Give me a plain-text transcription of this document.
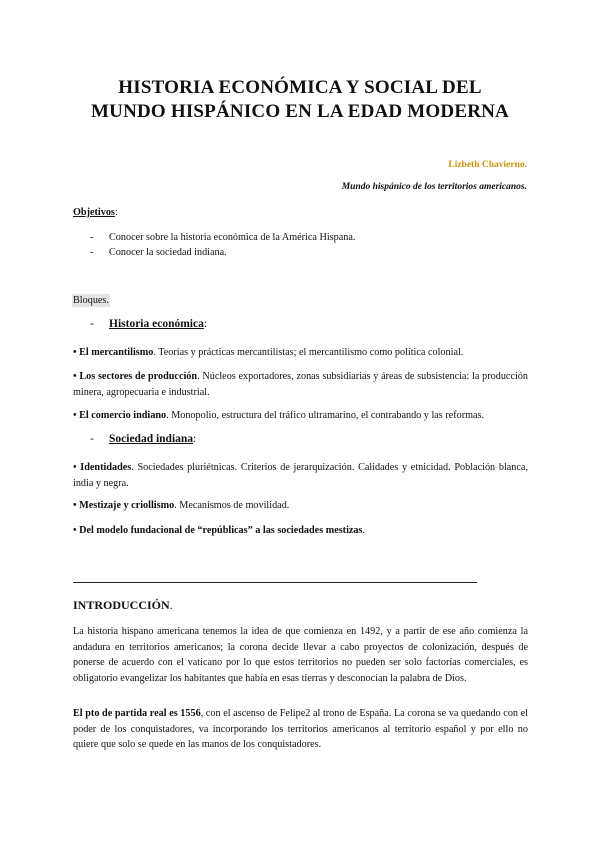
HISTORIA ECONÓMICA Y SOCIAL DEL
MUNDO HISPÁNICO EN LA EDAD MODERNA
Lizbeth Chavierno.
Mundo hispánico de los territorios americanos.
Objetivos:
- Conocer sobre la historia económica de la América Hispana.
- Conocer la sociedad indiana.
Bloques.
- Historia económica:
• El mercantilismo. Teorías y prácticas mercantilistas; el mercantilismo como política colonial.
• Los sectores de producción. Núcleos exportadores, zonas subsidiarias y áreas de subsistencia: la producción minera, agropecuaria e industrial.
• El comercio indiano. Monopolio, estructura del tráfico ultramarino, el contrabando y las reformas.
- Sociedad indiana:
• Identidades. Sociedades pluriétnicas. Criterios de jerarquización. Calidades y etnicidad. Población blanca, india y negra.
• Mestizaje y criollismo. Mecanismos de movilidad.
• Del modelo fundacional de “repúblicas” a las sociedades mestizas.
INTRODUCCIÓN.
La historia hispano americana tenemos la idea de que comienza en 1492, y a partir de ese año comienza la andadura en territorios americanos; la corona decide llevar a cabo proyectos de colonización, después de ponerse de acuerdo con el vaticano por lo que estos territorios no pueden ser solo factorías comerciales, es obligatorio evangelizar los habitantes que había en esas tierras y desconocían la palabra de Dios.
El pto de partida real es 1556, con el ascenso de Felipe2 al trono de España. La corona se va quedando con el poder de los conquistadores, va incorporando los territorios americanos al territorio español y por ello no quiere que solo se quede en las manos de los conquistadores.
